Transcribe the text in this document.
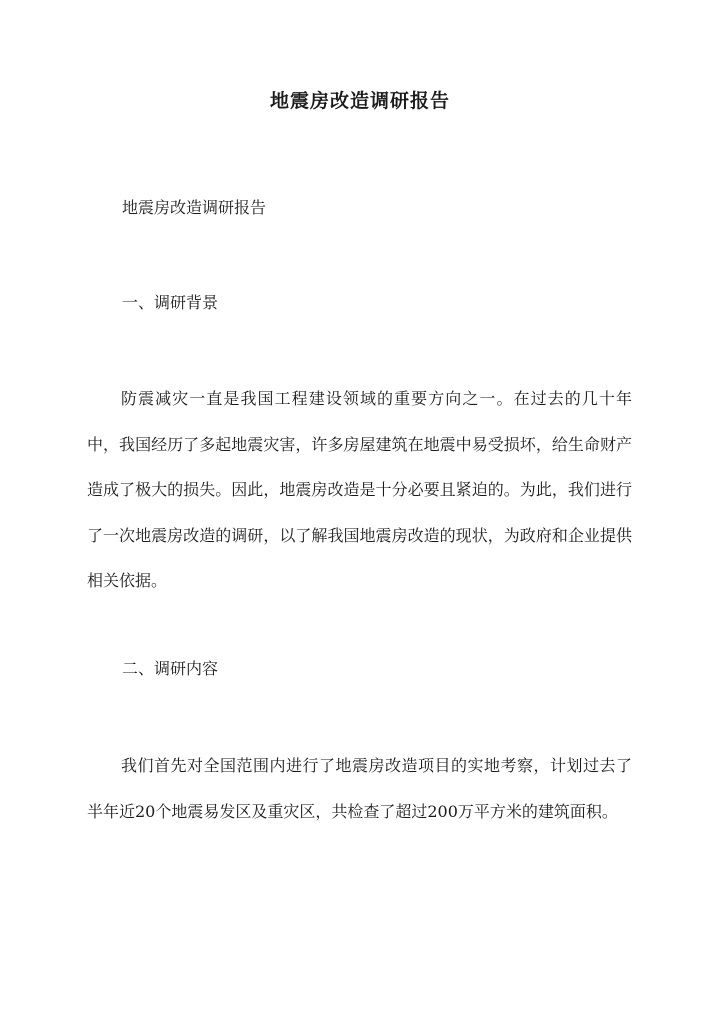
地震房改造调研报告
地震房改造调研报告
一、调研背景

防震减灾一直是我国工程建设领域的重要方向之一。在过去的几十年中，我国经历了多起地震灾害，许多房屋建筑在地震中易受损坏，给生命财产造成了极大的损失。因此，地震房改造是十分必要且紧迫的。为此，我们进行了一次地震房改造的调研，以了解我国地震房改造的现状，为政府和企业提供相关依据。

二、调研内容

我们首先对全国范围内进行了地震房改造项目的实地考察，计划过去了半年近20个地震易发区及重灾区，共检查了超过200万平方米的建筑面积。
